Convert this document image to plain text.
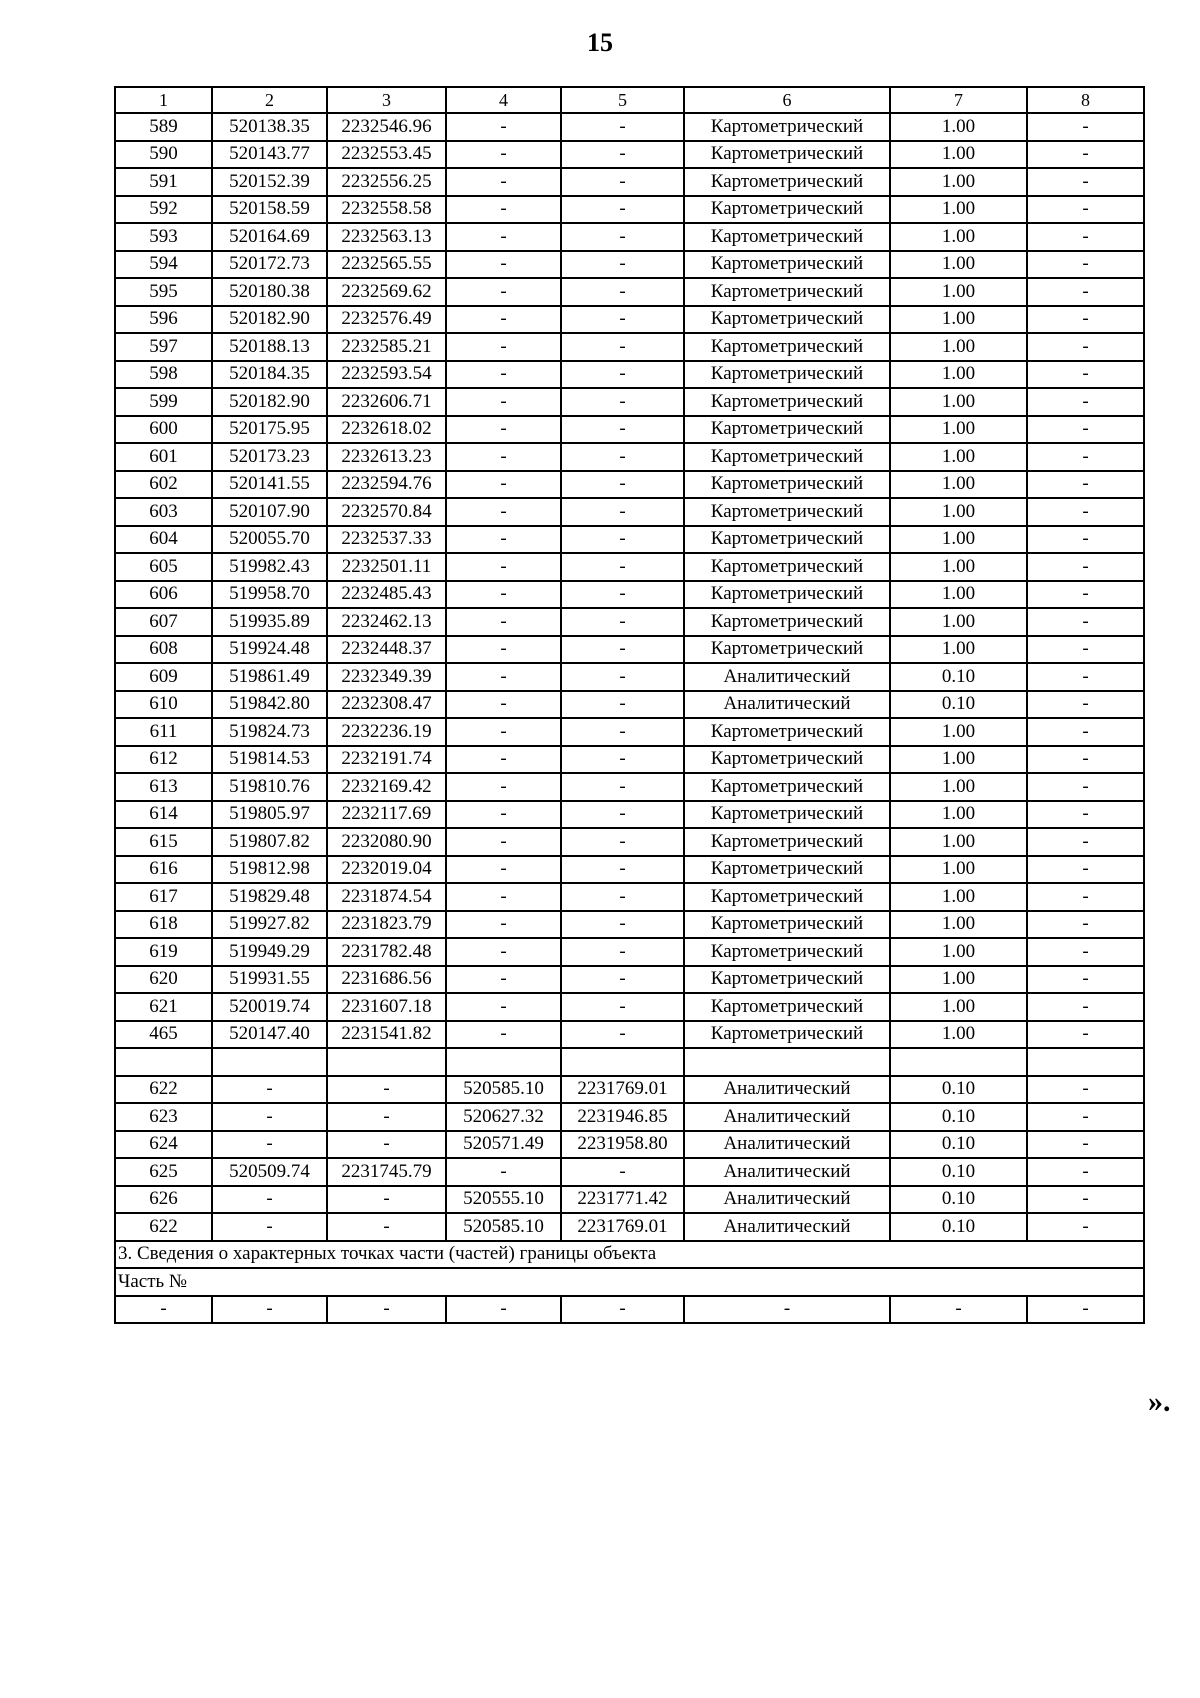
15
1	2	3	4	5	6	7	8
589	520138.35	2232546.96	-	-	Картометрический	1.00	-
590	520143.77	2232553.45	-	-	Картометрический	1.00	-
591	520152.39	2232556.25	-	-	Картометрический	1.00	-
592	520158.59	2232558.58	-	-	Картометрический	1.00	-
593	520164.69	2232563.13	-	-	Картометрический	1.00	-
594	520172.73	2232565.55	-	-	Картометрический	1.00	-
595	520180.38	2232569.62	-	-	Картометрический	1.00	-
596	520182.90	2232576.49	-	-	Картометрический	1.00	-
597	520188.13	2232585.21	-	-	Картометрический	1.00	-
598	520184.35	2232593.54	-	-	Картометрический	1.00	-
599	520182.90	2232606.71	-	-	Картометрический	1.00	-
600	520175.95	2232618.02	-	-	Картометрический	1.00	-
601	520173.23	2232613.23	-	-	Картометрический	1.00	-
602	520141.55	2232594.76	-	-	Картометрический	1.00	-
603	520107.90	2232570.84	-	-	Картометрический	1.00	-
604	520055.70	2232537.33	-	-	Картометрический	1.00	-
605	519982.43	2232501.11	-	-	Картометрический	1.00	-
606	519958.70	2232485.43	-	-	Картометрический	1.00	-
607	519935.89	2232462.13	-	-	Картометрический	1.00	-
608	519924.48	2232448.37	-	-	Картометрический	1.00	-
609	519861.49	2232349.39	-	-	Аналитический	0.10	-
610	519842.80	2232308.47	-	-	Аналитический	0.10	-
611	519824.73	2232236.19	-	-	Картометрический	1.00	-
612	519814.53	2232191.74	-	-	Картометрический	1.00	-
613	519810.76	2232169.42	-	-	Картометрический	1.00	-
614	519805.97	2232117.69	-	-	Картометрический	1.00	-
615	519807.82	2232080.90	-	-	Картометрический	1.00	-
616	519812.98	2232019.04	-	-	Картометрический	1.00	-
617	519829.48	2231874.54	-	-	Картометрический	1.00	-
618	519927.82	2231823.79	-	-	Картометрический	1.00	-
619	519949.29	2231782.48	-	-	Картометрический	1.00	-
620	519931.55	2231686.56	-	-	Картометрический	1.00	-
621	520019.74	2231607.18	-	-	Картометрический	1.00	-
465	520147.40	2231541.82	-	-	Картометрический	1.00	-

622	-	-	520585.10	2231769.01	Аналитический	0.10	-
623	-	-	520627.32	2231946.85	Аналитический	0.10	-
624	-	-	520571.49	2231958.80	Аналитический	0.10	-
625	520509.74	2231745.79	-	-	Аналитический	0.10	-
626	-	-	520555.10	2231771.42	Аналитический	0.10	-
622	-	-	520585.10	2231769.01	Аналитический	0.10	-
3. Сведения о характерных точках части (частей) границы объекта							
Часть №							
-	-	-	-	-	-	-	-
».
